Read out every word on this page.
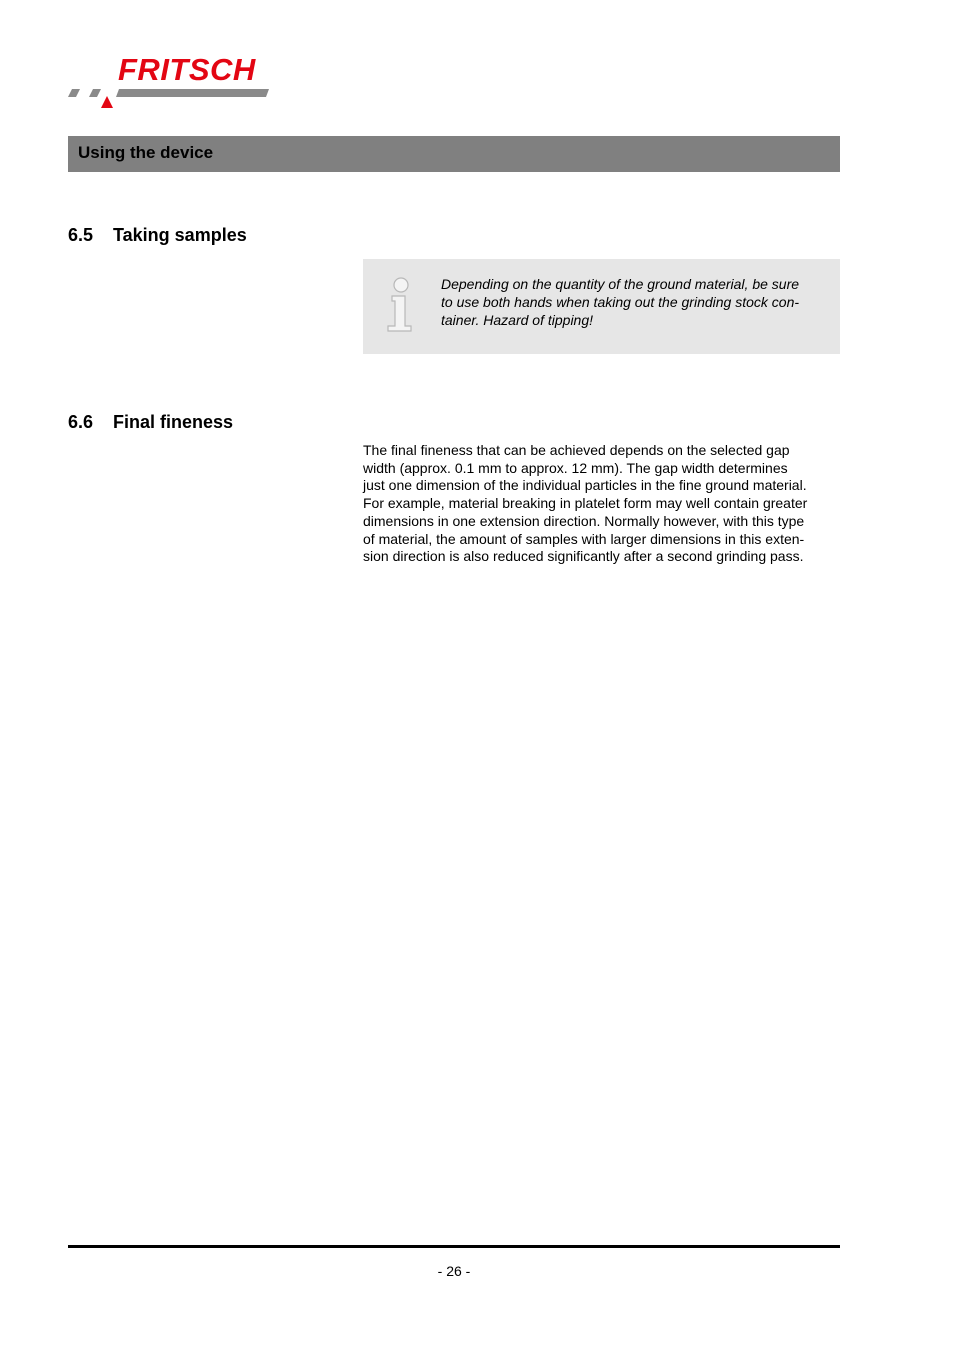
FRITSCH
Using the device
6.5 Taking samples
Depending on the quantity of the ground material, be sure
to use both hands when taking out the grinding stock con-
tainer. Hazard of tipping!
6.6 Final fineness
The final fineness that can be achieved depends on the selected gap
width (approx. 0.1 mm to approx. 12 mm). The gap width determines
just one dimension of the individual particles in the fine ground material.
For example, material breaking in platelet form may well contain greater
dimensions in one extension direction. Normally however, with this type
of material, the amount of samples with larger dimensions in this exten-
sion direction is also reduced significantly after a second grinding pass.
- 26 -
